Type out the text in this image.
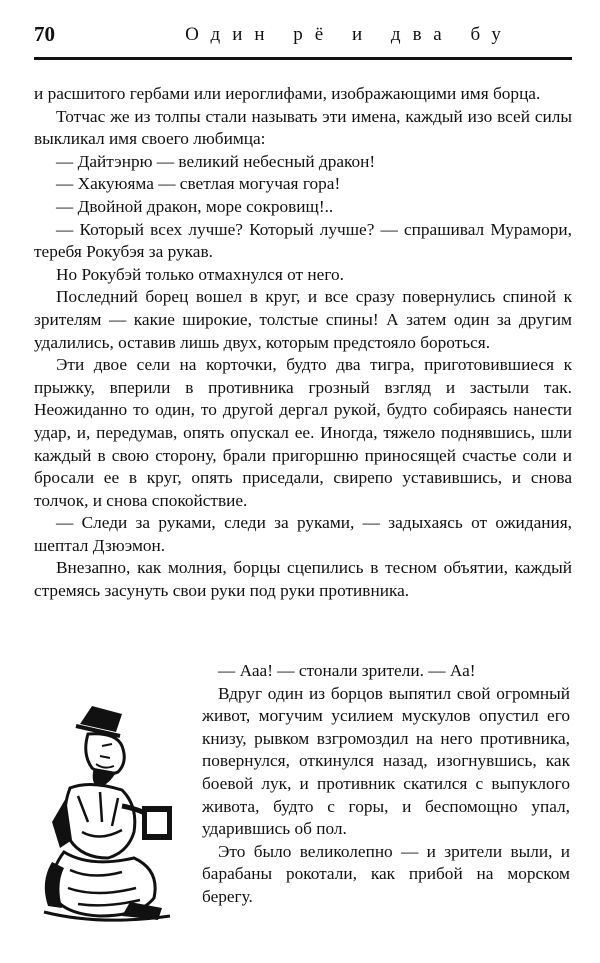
70	Один рё и два бу

и расшитого гербами или иероглифами, изображающими имя борца.

Тотчас же из толпы стали называть эти имена, каждый изо всей силы выкликал имя своего любимца:

— Дайтэнрю — великий небесный дракон!

— Хакуюяма — светлая могучая гора!

— Двойной дракон, море сокровищ!..

— Который всех лучше? Который лучше? — спрашивал Мурамори, теребя Рокубэя за рукав.

Но Рокубэй только отмахнулся от него.

Последний борец вошел в круг, и все сразу повернулись спиной к зрителям — какие широкие, толстые спины! А затем один за другим удалились, оставив лишь двух, которым предстояло бороться.

Эти двое сели на корточки, будто два тигра, приготовившиеся к прыжку, вперили в противника грозный взгляд и застыли так. Неожиданно то один, то другой дергал рукой, будто собираясь нанести удар, и, передумав, опять опускал ее. Иногда, тяжело поднявшись, шли каждый в свою сторону, брали пригоршню приносящей счастье соли и бросали ее в круг, опять приседали, свирепо уставившись, и снова толчок, и снова спокойствие.

— Следи за руками, следи за руками, — задыхаясь от ожидания, шептал Дзюэмон.

Внезапно, как молния, борцы сцепились в тесном объятии, каждый стремясь засунуть свои руки под руки противника.

— Ааа! — стонали зрители. — Аа!

Вдруг один из борцов выпятил свой огромный живот, могучим усилием мускулов опустил его книзу, рывком взгромоздил на него противника, повернулся, откинулся назад, изогнувшись, как боевой лук, и противник скатился с выпуклого живота, будто с горы, и беспомощно упал, ударившись об пол.

Это было великолепно — и зрители выли, и барабаны рокотали, как прибой на морском берегу.
